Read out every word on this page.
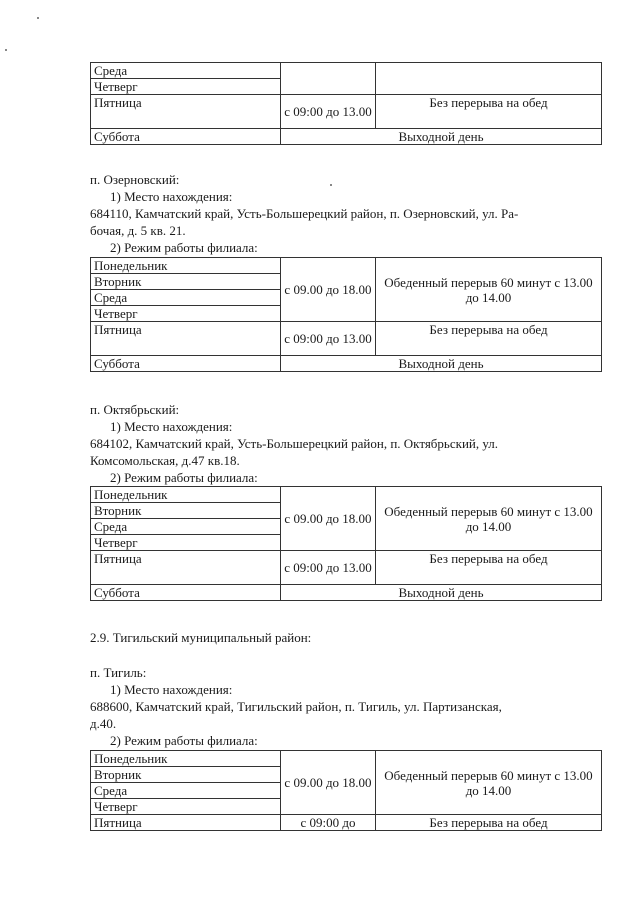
Среда		
Четверг		
Пятница	с 09:00 до 13.00	Без перерыва на обед
Суббота	Выходной день	
п. Озерновский:
1) Место нахождения:
684110, Камчатский край, Усть-Большерецкий район, п. Озерновский, ул. Ра-
бочая, д. 5 кв. 21.
2) Режим работы филиала:
Понедельник	с 09.00 до 18.00	Обеденный перерыв 60 минут с 13.00 до 14.00
Вторник		
Среда		
Четверг		
Пятница	с 09:00 до 13.00	Без перерыва на обед
Суббота	Выходной день	
п. Октябрьский:
1) Место нахождения:
684102, Камчатский край, Усть-Большерецкий район, п. Октябрьский, ул.
Комсомольская, д.47 кв.18.
2) Режим работы филиала:
Понедельник	с 09.00 до 18.00	Обеденный перерыв 60 минут с 13.00 до 14.00
Вторник		
Среда		
Четверг		
Пятница	с 09:00 до 13.00	Без перерыва на обед
Суббота	Выходной день	
2.9. Тигильский муниципальный район:
п. Тигиль:
1) Место нахождения:
688600, Камчатский край, Тигильский район, п. Тигиль, ул. Партизанская,
д.40.
2) Режим работы филиала:
Понедельник	с 09.00 до 18.00	Обеденный перерыв 60 минут с 13.00 до 14.00
Вторник		
Среда		
Четверг		
Пятница	с 09:00 до	Без перерыва на обед
